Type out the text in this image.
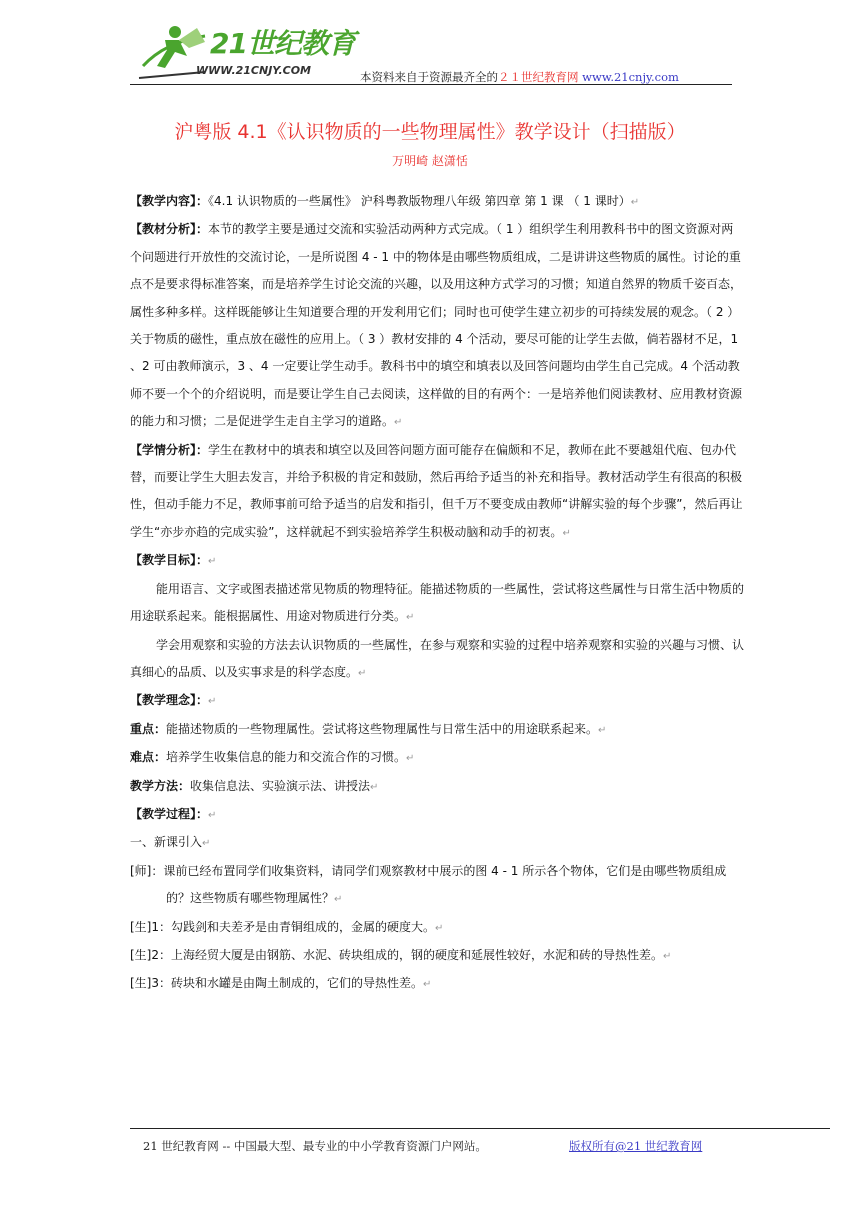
21世纪教育
WWW.21CNJY.COM	本资料来自于资源最齐全的２１世纪教育网 www.21cnjy.com
沪粤版 4.1《认识物质的一些物理属性》教学设计（扫描版）
万明崎 赵潇恬

【教学内容】：《4.1 认识物质的一些属性》 沪科粤教版物理八年级 第四章 第 1 课 （ 1 课时）↵

【教材分析】：本节的教学主要是通过交流和实验活动两种方式完成。（ 1 ）组织学生利用教科书中的图文资源对两个问题进行开放性的交流讨论，一是所说图 4 - 1 中的物体是由哪些物质组成，二是讲讲这些物质的属性。讨论的重点不是要求得标准答案，而是培养学生讨论交流的兴趣，以及用这种方式学习的习惯；知道自然界的物质千姿百态，属性多种多样。这样既能够让生知道要合理的开发利用它们；同时也可使学生建立初步的可持续发展的观念。（ 2 ）关于物质的磁性，重点放在磁性的应用上。（ 3 ）教材安排的 4 个活动，要尽可能的让学生去做，倘若器材不足，1 、2 可由教师演示，3 、4 一定要让学生动手。教科书中的填空和填表以及回答问题均由学生自己完成。4 个活动教师不要一个个的介绍说明，而是要让学生自己去阅读，这样做的目的有两个：一是培养他们阅读教材、应用教材资源的能力和习惯；二是促进学生走自主学习的道路。↵

【学情分析】：学生在教材中的填表和填空以及回答问题方面可能存在偏颇和不足，教师在此不要越俎代庖、包办代替，而要让学生大胆去发言，并给予积极的肯定和鼓励，然后再给予适当的补充和指导。教材活动学生有很高的积极性，但动手能力不足，教师事前可给予适当的启发和指引，但千万不要变成由教师“讲解实验的每个步骤”，然后再让学生“亦步亦趋的完成实验”，这样就起不到实验培养学生积极动脑和动手的初衷。↵

【教学目标】：↵

能用语言、文字或图表描述常见物质的物理特征。能描述物质的一些属性，尝试将这些属性与日常生活中物质的用途联系起来。能根据属性、用途对物质进行分类。↵

学会用观察和实验的方法去认识物质的一些属性，在参与观察和实验的过程中培养观察和实验的兴趣与习惯、认真细心的品质、以及实事求是的科学态度。↵

【教学理念】：↵

重点：能描述物质的一些物理属性。尝试将这些物理属性与日常生活中的用途联系起来。↵

难点：培养学生收集信息的能力和交流合作的习惯。↵

教学方法：收集信息法、实验演示法、讲授法↵

【教学过程】：↵

一、新课引入↵

[师]：课前已经布置同学们收集资料，请同学们观察教材中展示的图 4 - 1 所示各个物体，它们是由哪些物质组成的？这些物质有哪些物理属性？↵

[生]1：勾践剑和夫差矛是由青铜组成的，金属的硬度大。↵

[生]2：上海经贸大厦是由钢筋、水泥、砖块组成的，钢的硬度和延展性较好，水泥和砖的导热性差。↵

[生]3：砖块和水罐是由陶土制成的，它们的导热性差。↵

21 世纪教育网 -- 中国最大型、最专业的中小学教育资源门户网站。	版权所有@21 世纪教育网
